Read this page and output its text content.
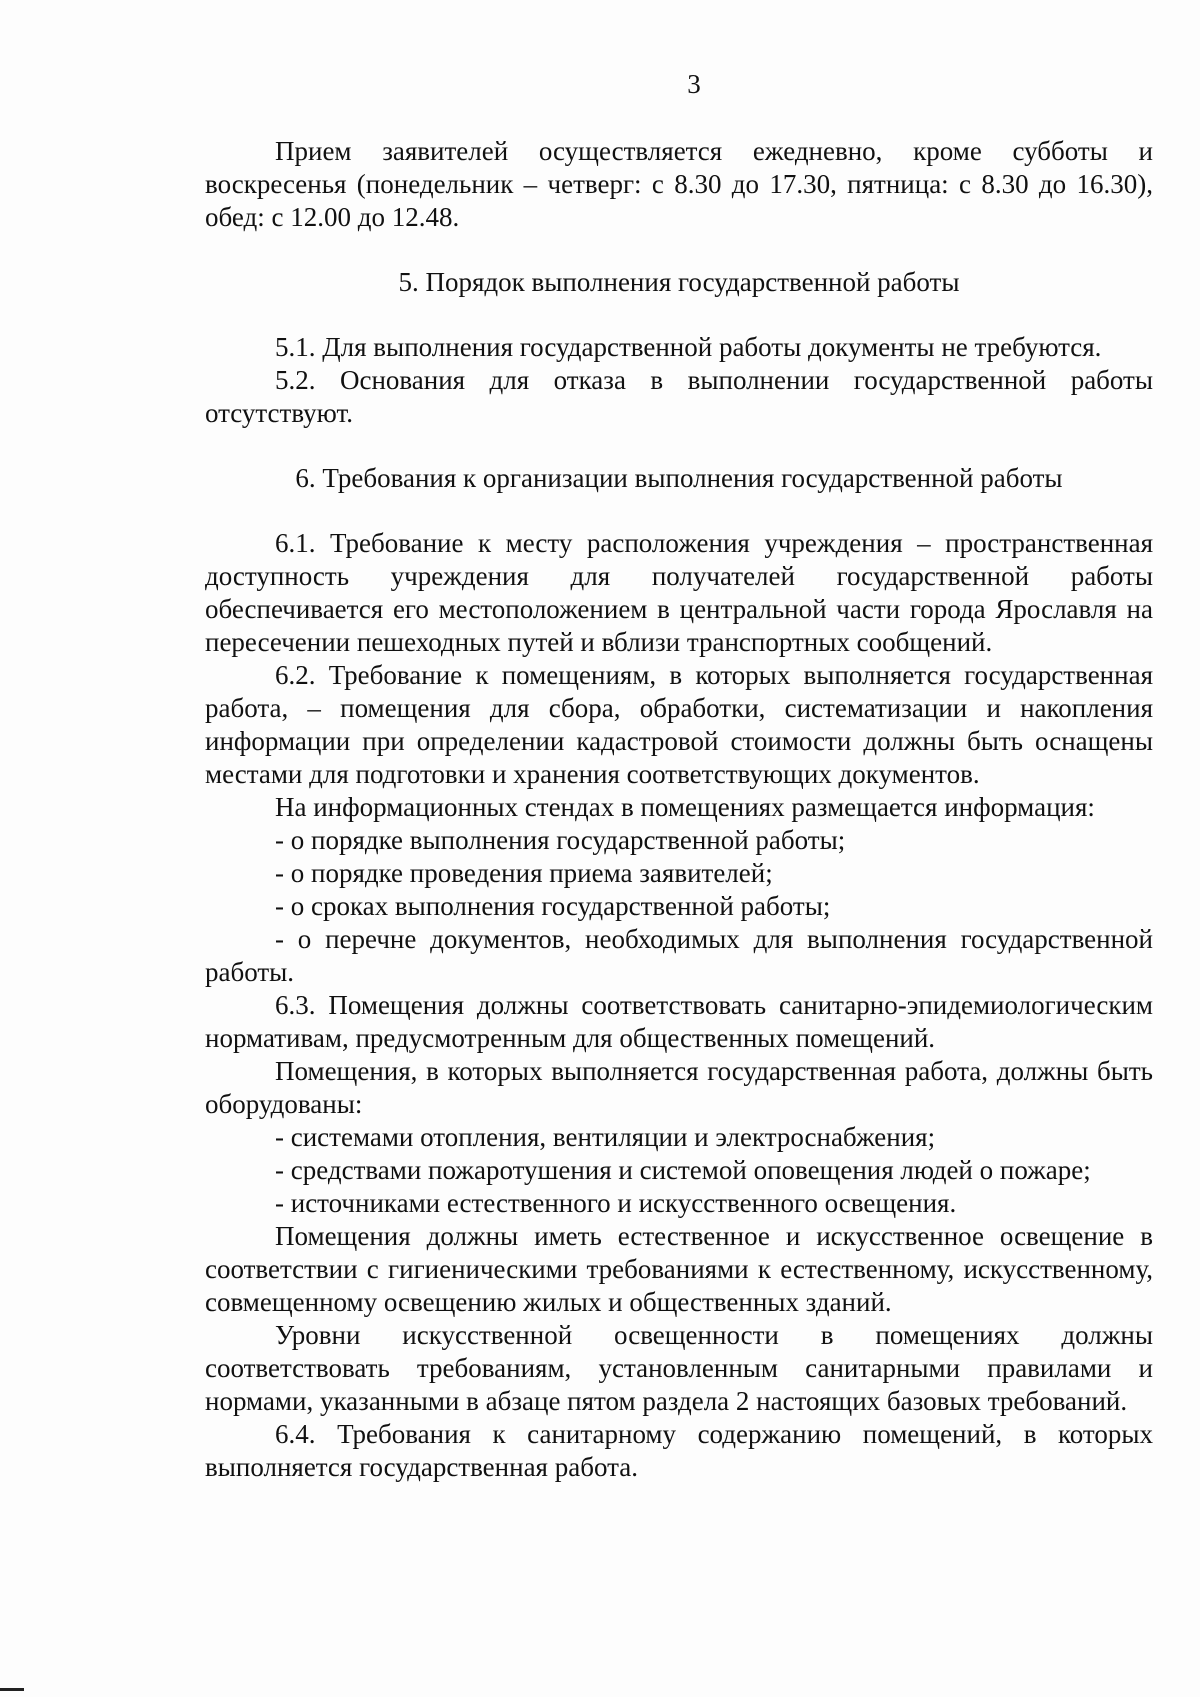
3

Прием заявителей осуществляется ежедневно, кроме субботы и воскресенья (понедельник – четверг: с 8.30 до 17.30, пятница: с 8.30 до 16.30), обед: с 12.00 до 12.48.

5. Порядок выполнения государственной работы

5.1. Для выполнения государственной работы документы не требуются.

5.2. Основания для отказа в выполнении государственной работы отсутствуют.

6. Требования к организации выполнения государственной работы

6.1. Требование к месту расположения учреждения – пространственная доступность учреждения для получателей государственной работы обеспечивается его местоположением в центральной части города Ярославля на пересечении пешеходных путей и вблизи транспортных сообщений.

6.2. Требование к помещениям, в которых выполняется государственная работа, – помещения для сбора, обработки, систематизации и накопления информации при определении кадастровой стоимости должны быть оснащены местами для подготовки и хранения соответствующих документов.

На информационных стендах в помещениях размещается информация:

- о порядке выполнения государственной работы;

- о порядке проведения приема заявителей;

- о сроках выполнения государственной работы;

- о перечне документов, необходимых для выполнения государственной работы.

6.3. Помещения должны соответствовать санитарно-эпидемиологическим нормативам, предусмотренным для общественных помещений.

Помещения, в которых выполняется государственная работа, должны быть оборудованы:

- системами отопления, вентиляции и электроснабжения;

- средствами пожаротушения и системой оповещения людей о пожаре;

- источниками естественного и искусственного освещения.

Помещения должны иметь естественное и искусственное освещение в соответствии с гигиеническими требованиями к естественному, искусственному, совмещенному освещению жилых и общественных зданий.

Уровни искусственной освещенности в помещениях должны соответствовать требованиям, установленным санитарными правилами и нормами, указанными в абзаце пятом раздела 2 настоящих базовых требований.

6.4. Требования к санитарному содержанию помещений, в которых выполняется государственная работа.
